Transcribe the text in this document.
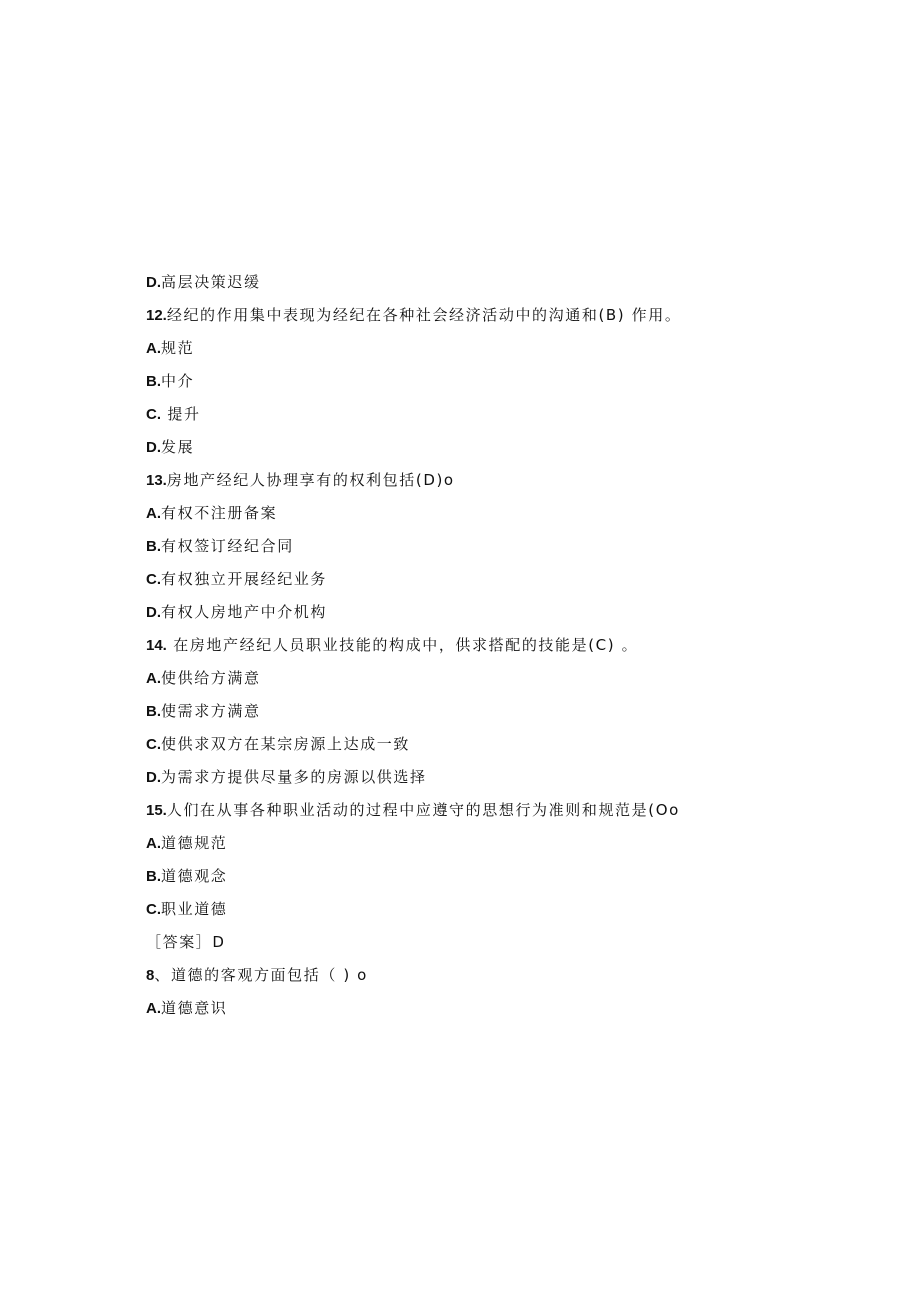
D.高层决策迟缓
12.经纪的作用集中表现为经纪在各种社会经济活动中的沟通和(B) 作用。
A.规范
B.中介
C. 提升
D.发展
13.房地产经纪人协理享有的权利包括(D)o
A.有权不注册备案
B.有权签订经纪合同
C.有权独立开展经纪业务
D.有权人房地产中介机构
14. 在房地产经纪人员职业技能的构成中，供求搭配的技能是(C) 。
A.使供给方满意
B.使需求方满意
C.使供求双方在某宗房源上达成一致
D.为需求方提供尽量多的房源以供选择
15.人们在从事各种职业活动的过程中应遵守的思想行为准则和规范是(Oo
A.道德规范
B.道德观念
C.职业道德
［答案］D
8、道德的客观方面包括（ ) o
A.道德意识
